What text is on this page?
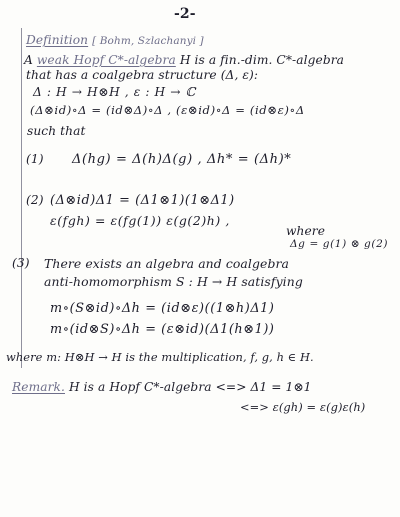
-2-
Definition [ Bohm, Szlachanyi ]
A weak Hopf C*-algebra H is a fin.-dim. C*-algebra
that has a coalgebra structure (Δ, ε):
Δ : H → H⊗H , ε : H → ℂ
(Δ⊗id)∘Δ = (id⊗Δ)∘Δ , (ε⊗id)∘Δ = (id⊗ε)∘Δ
such that
(1) Δ(hg) = Δ(h)Δ(g) , Δh* = (Δh)*
(2) (Δ⊗id)Δ1 = (Δ1⊗1)(1⊗Δ1)
ε(fgh) = ε(fg(1)) ε(g(2)h) ,
where
Δg = g(1) ⊗ g(2)
(3) There exists an algebra and coalgebra
anti-homomorphism S : H → H satisfying
m∘(S⊗id)∘Δh = (id⊗ε)((1⊗h)Δ1)
m∘(id⊗S)∘Δh = (ε⊗id)(Δ1(h⊗1))
where m: H⊗H → H is the multiplication, f, g, h ∈ H.
Remark. H is a Hopf C*-algebra <=> Δ1 = 1⊗1
<=> ε(gh) = ε(g)ε(h)
